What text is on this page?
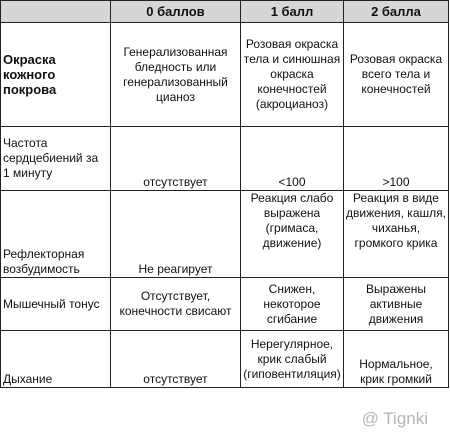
	0 баллов	1 балл	2 балла
Окраска кожного покрова	Генерализованная бледность или генерализованный цианоз	Розовая окраска тела и синюшная окраска конечностей (акроцианоз)	Розовая окраска всего тела и конечностей
Частота сердцебиений за 1 минуту	отсутствует	<100	>100
Рефлекторная возбудимость	Не реагирует	Реакция слабо выражена (гримаса, движение)	Реакция в виде движения, кашля, чиханья, громкого крика
Мышечный тонус	Отсутствует, конечности свисают	Снижен, некоторое сгибание	Выражены активные движения
Дыхание	отсутствует	Нерегулярное, крик слабый (гиповентиляция)	Нормальное, крик громкий
@ Tignki
